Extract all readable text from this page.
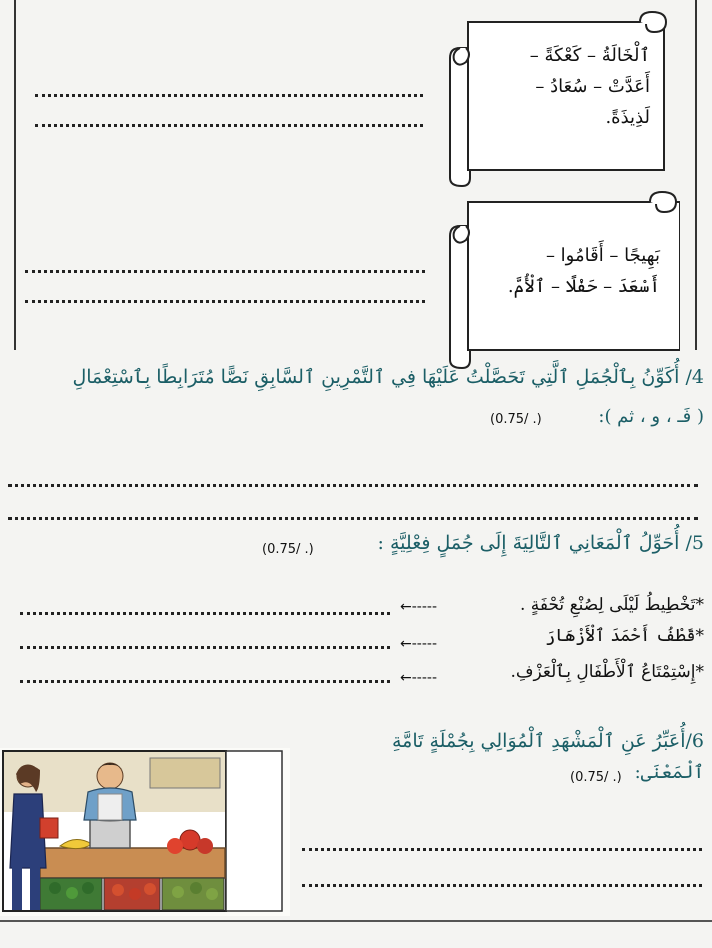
ٱلْخَالَةُ – كَعْكَةً –
أَعَدَّتْ – سُعَادُ –
لَذِيذَةً.
بَهِيجًا – أَقَامُوا –
أَسْعَدَ – حَفْلًا – ٱلْأُمَّ.
4/ أُكَوِّنُ بِٱلْجُمَلِ ٱلَّتِي تَحَصَّلْتُ عَلَيْهَا فِي ٱلتَّمْرِينِ ٱلسَّابِقِ نَصًّا مُتَرَابِطًا بِٱسْتِعْمَالِ
( فَـ ، و ، ثم ):
(0.75/ .)
5/ أُحَوِّلُ ٱلْمَعَانِي ٱلتَّالِيَةَ إِلَى جُمَلٍ فِعْلِيَّةٍ :
(0.75/ .)
*تَخْطِيطُ لَيْلَى لِصُنْعِ تُحْفَةٍ .
←-----
*قَطْفُ أَحْمَدَ ٱلْأَزْهَارَ
←-----
*إِسْتِمْتَاعُ ٱلْأَطْفَالِ بِٱلْعَزْفِ.
←-----
6/أُعَبِّرُ عَنِ ٱلْمَشْهَدِ ٱلْمُوَالِي بِجُمْلَةٍ تَامَّةِ
ٱلْمَعْنَى:
(0.75/ .)
